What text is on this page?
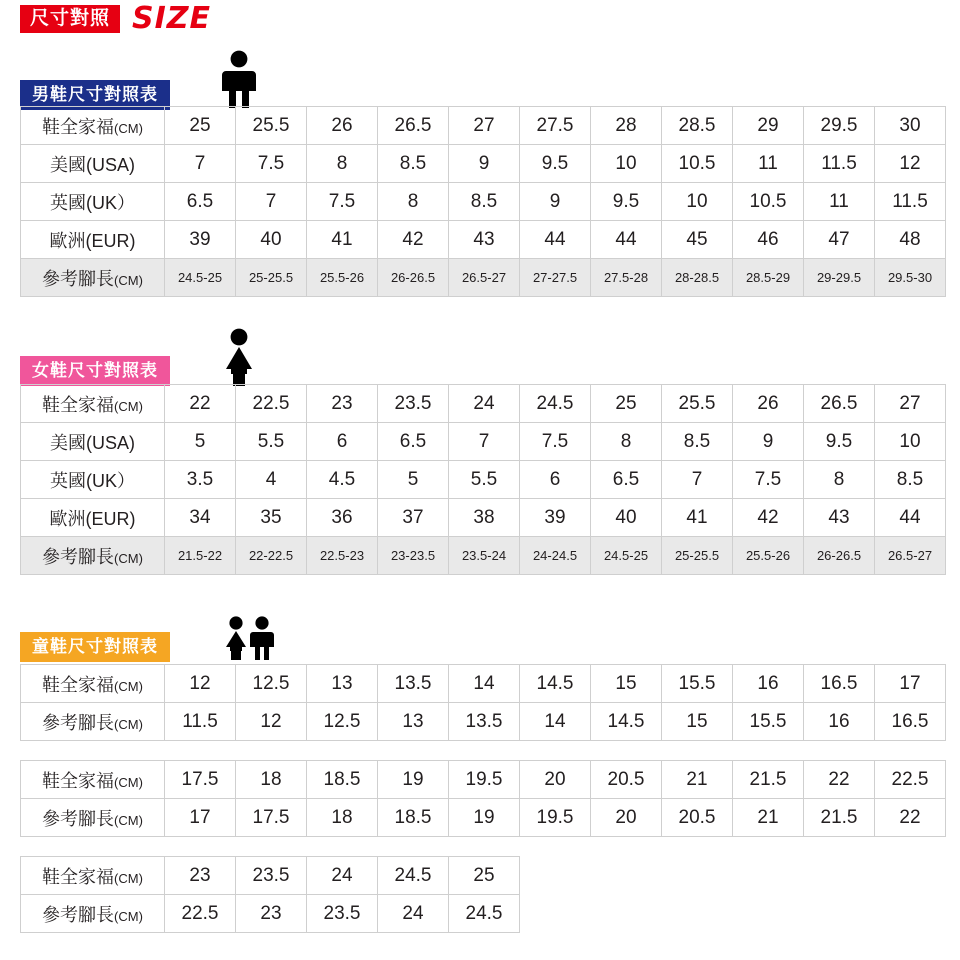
尺寸對照 SIZE
男鞋尺寸對照表
鞋全家福(CM)	25	25.5	26	26.5	27	27.5	28	28.5	29	29.5	30
美國(USA)	7	7.5	8	8.5	9	9.5	10	10.5	11	11.5	12
英國(UK）	6.5	7	7.5	8	8.5	9	9.5	10	10.5	11	11.5
歐洲(EUR)	39	40	41	42	43	44	44	45	46	47	48
參考腳長(CM)	24.5-25	25-25.5	25.5-26	26-26.5	26.5-27	27-27.5	27.5-28	28-28.5	28.5-29	29-29.5	29.5-30
女鞋尺寸對照表
鞋全家福(CM)	22	22.5	23	23.5	24	24.5	25	25.5	26	26.5	27
美國(USA)	5	5.5	6	6.5	7	7.5	8	8.5	9	9.5	10
英國(UK）	3.5	4	4.5	5	5.5	6	6.5	7	7.5	8	8.5
歐洲(EUR)	34	35	36	37	38	39	40	41	42	43	44
參考腳長(CM)	21.5-22	22-22.5	22.5-23	23-23.5	23.5-24	24-24.5	24.5-25	25-25.5	25.5-26	26-26.5	26.5-27
童鞋尺寸對照表
鞋全家福(CM)	12	12.5	13	13.5	14	14.5	15	15.5	16	16.5	17
參考腳長(CM)	11.5	12	12.5	13	13.5	14	14.5	15	15.5	16	16.5
鞋全家福(CM)	17.5	18	18.5	19	19.5	20	20.5	21	21.5	22	22.5
參考腳長(CM)	17	17.5	18	18.5	19	19.5	20	20.5	21	21.5	22
鞋全家福(CM)	23	23.5	24	24.5	25
參考腳長(CM)	22.5	23	23.5	24	24.5
